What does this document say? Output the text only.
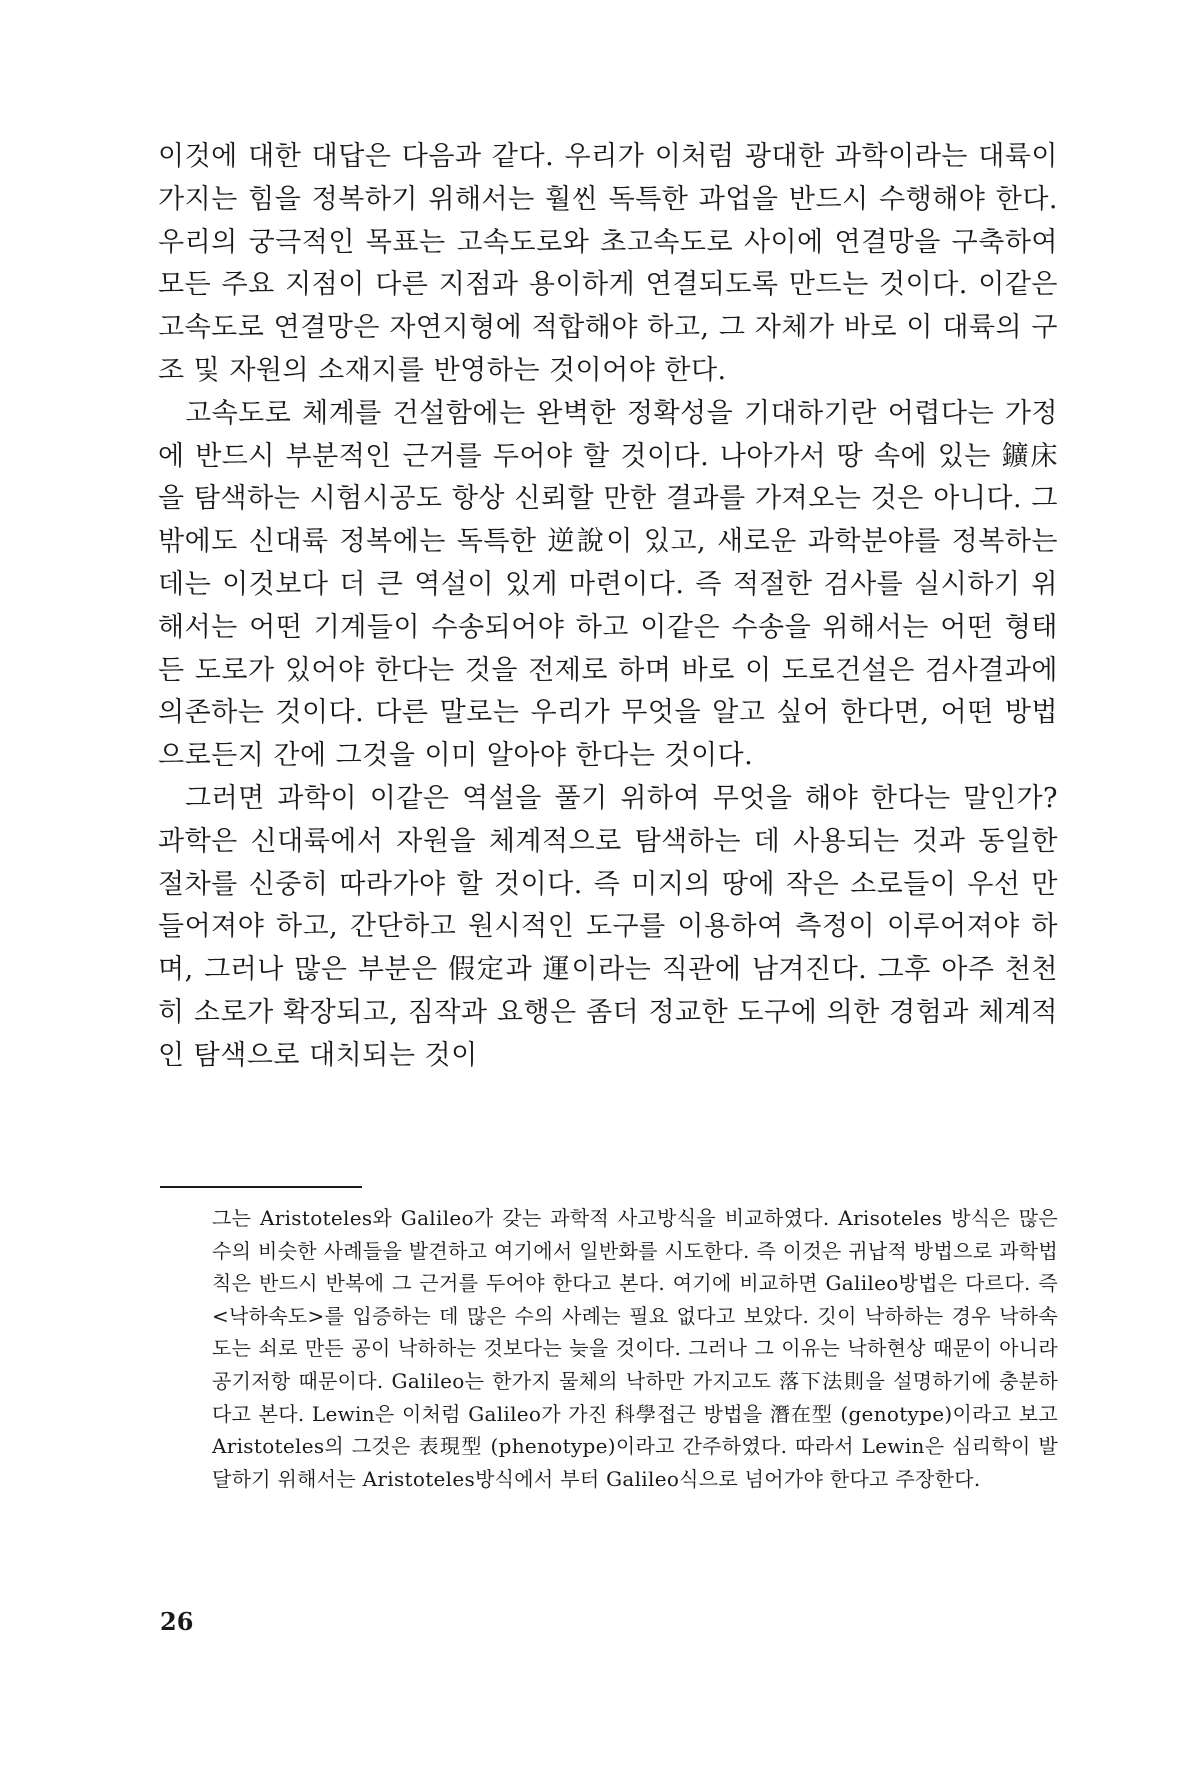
이것에 대한 대답은 다음과 같다. 우리가 이처럼 광대한 과학이라는 대륙이 가지는 힘을 정복하기 위해서는 훨씬 독특한 과업을 반드시 수행해야 한다. 우리의 궁극적인 목표는 고속도로와 초고속도로 사이에 연결망을 구축하여 모든 주요 지점이 다른 지점과 용이하게 연결되도록 만드는 것이다. 이같은 고속도로 연결망은 자연지형에 적합해야 하고, 그 자체가 바로 이 대륙의 구조 및 자원의 소재지를 반영하는 것이어야 한다.

고속도로 체계를 건설함에는 완벽한 정확성을 기대하기란 어렵다는 가정에 반드시 부분적인 근거를 두어야 할 것이다. 나아가서 땅 속에 있는 鑛床을 탐색하는 시험시공도 항상 신뢰할 만한 결과를 가져오는 것은 아니다. 그 밖에도 신대륙 정복에는 독특한 逆說이 있고, 새로운 과학분야를 정복하는 데는 이것보다 더 큰 역설이 있게 마련이다. 즉 적절한 검사를 실시하기 위해서는 어떤 기계들이 수송되어야 하고 이같은 수송을 위해서는 어떤 형태든 도로가 있어야 한다는 것을 전제로 하며 바로 이 도로건설은 검사결과에 의존하는 것이다. 다른 말로는 우리가 무엇을 알고 싶어 한다면, 어떤 방법으로든지 간에 그것을 이미 알아야 한다는 것이다.

그러면 과학이 이같은 역설을 풀기 위하여 무엇을 해야 한다는 말인가? 과학은 신대륙에서 자원을 체계적으로 탐색하는 데 사용되는 것과 동일한 절차를 신중히 따라가야 할 것이다. 즉 미지의 땅에 작은 소로들이 우선 만들어져야 하고, 간단하고 원시적인 도구를 이용하여 측정이 이루어져야 하며, 그러나 많은 부분은 假定과 運이라는 직관에 남겨진다. 그후 아주 천천히 소로가 확장되고, 짐작과 요행은 좀더 정교한 도구에 의한 경험과 체계적인 탐색으로 대치되는 것이

그는 Aristoteles와 Galileo가 갖는 과학적 사고방식을 비교하였다. Arisoteles 방식은 많은 수의 비슷한 사례들을 발견하고 여기에서 일반화를 시도한다. 즉 이것은 귀납적 방법으로 과학법칙은 반드시 반복에 그 근거를 두어야 한다고 본다. 여기에 비교하면 Galileo방법은 다르다. 즉 <낙하속도>를 입증하는 데 많은 수의 사례는 필요 없다고 보았다. 깃이 낙하하는 경우 낙하속도는 쇠로 만든 공이 낙하하는 것보다는 늦을 것이다. 그러나 그 이유는 낙하현상 때문이 아니라 공기저항 때문이다. Galileo는 한가지 물체의 낙하만 가지고도 落下法則을 설명하기에 충분하다고 본다. Lewin은 이처럼 Galileo가 가진 科學접근 방법을 潛在型 (genotype)이라고 보고 Aristoteles의 그것은 表現型 (phenotype)이라고 간주하였다. 따라서 Lewin은 심리학이 발달하기 위해서는 Aristoteles방식에서 부터 Galileo식으로 넘어가야 한다고 주장한다.
26
